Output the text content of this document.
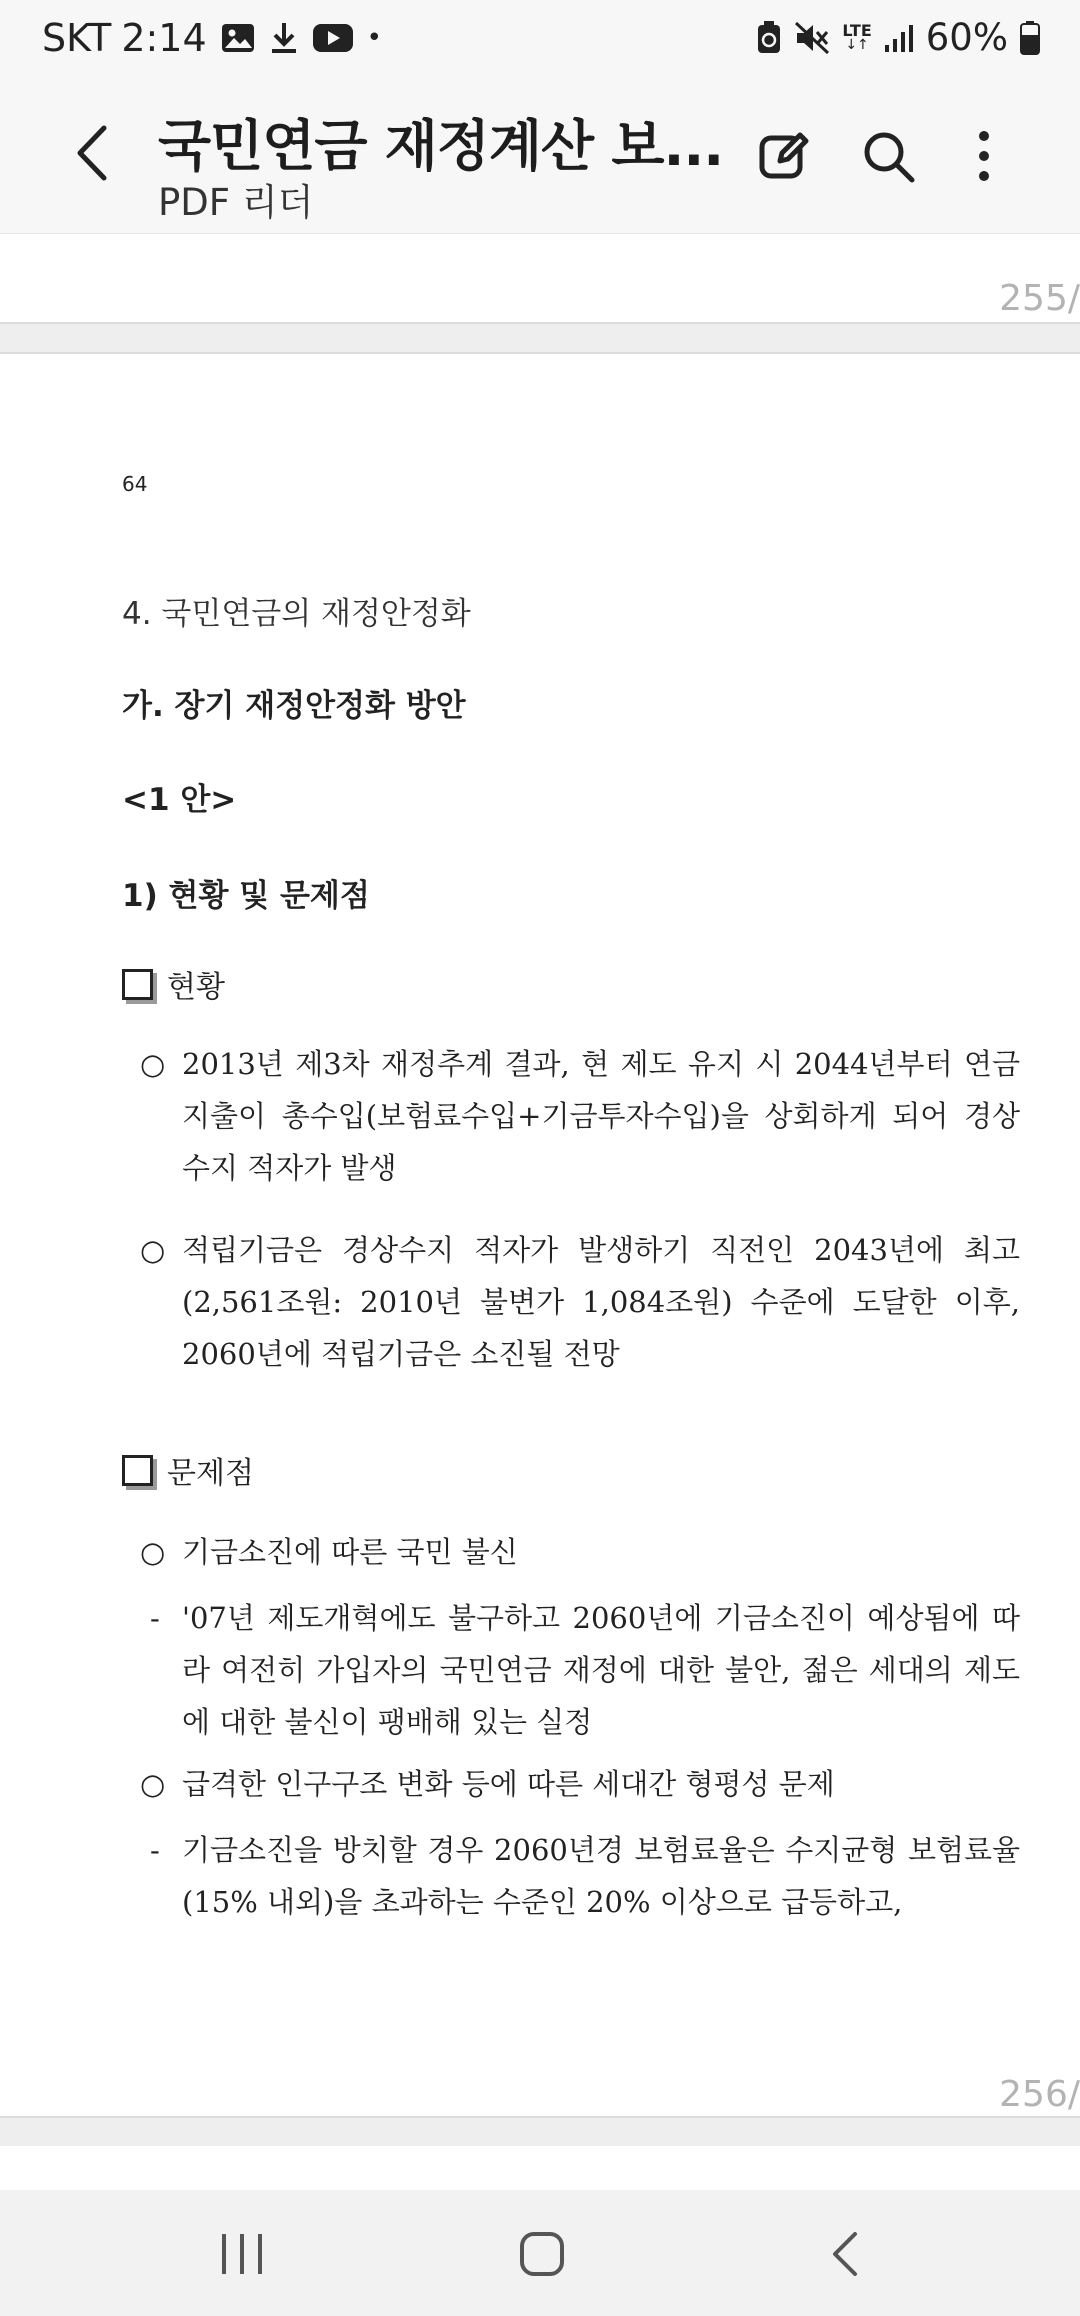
SKT 2:14	•	LTE
↓↑ 60%
국민연금 재정계산 보...
PDF 리더
255/
64
4. 국민연금의 재정안정화
가. 장기 재정안정화 방안
<1 안>
1) 현황 및 문제점
현황
○ 2013년 제3차 재정추계 결과, 현 제도 유지 시 2044년부터 연금지출이 총수입(보험료수입+기금투자수입)을 상회하게 되어 경상수지 적자가 발생
○ 적립기금은 경상수지 적자가 발생하기 직전인 2043년에 최고(2,561조원: 2010년 불변가 1,084조원) 수준에 도달한 이후, 2060년에 적립기금은 소진될 전망
문제점
○ 기금소진에 따른 국민 불신
- '07년 제도개혁에도 불구하고 2060년에 기금소진이 예상됨에 따라 여전히 가입자의 국민연금 재정에 대한 불안, 젊은 세대의 제도에 대한 불신이 팽배해 있는 실정
○ 급격한 인구구조 변화 등에 따른 세대간 형평성 문제
- 기금소진을 방치할 경우 2060년경 보험료율은 수지균형 보험료율(15% 내외)을 초과하는 수준인 20% 이상으로 급등하고,
256/
